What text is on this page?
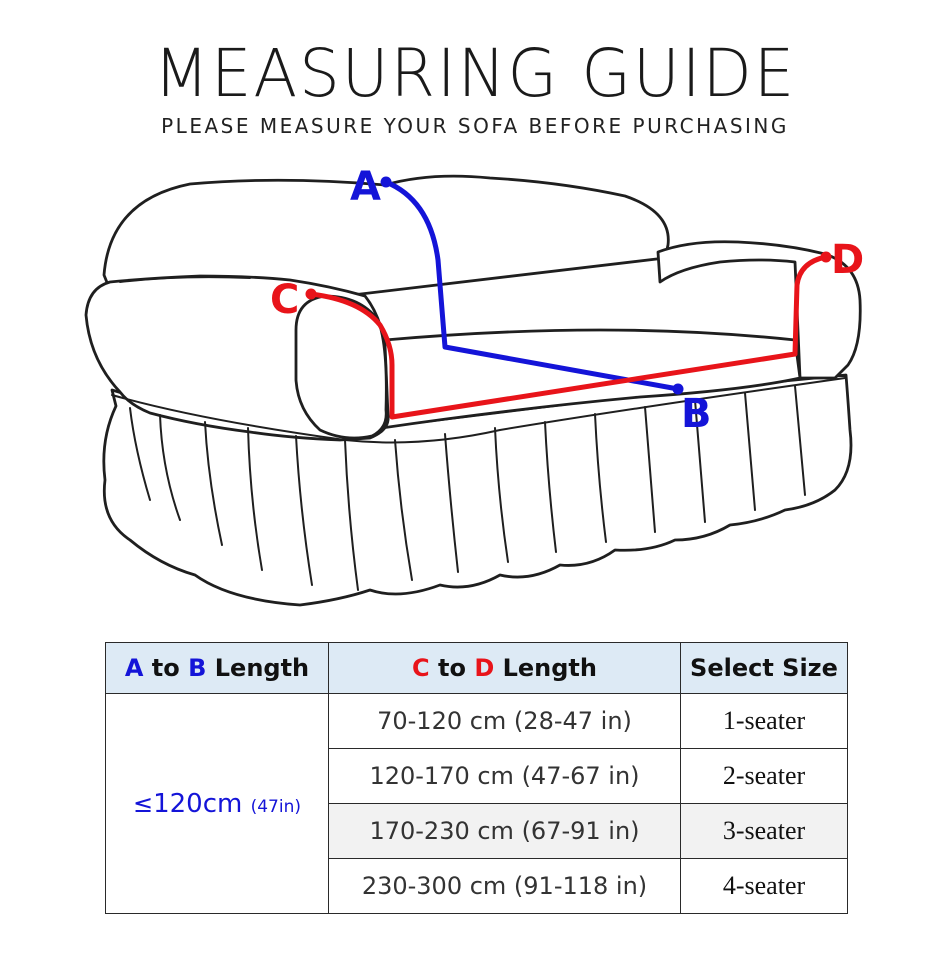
MEASURING GUIDE

PLEASE MEASURE YOUR SOFA BEFORE PURCHASING

A
B
C
D
A to B Length	C to D Length	Select Size
≤120cm (47in)	70-120 cm (28-47 in)	1-seater
	120-170 cm (47-67 in)	2-seater
	170-230 cm (67-91 in)	3-seater
	230-300 cm (91-118 in)	4-seater
